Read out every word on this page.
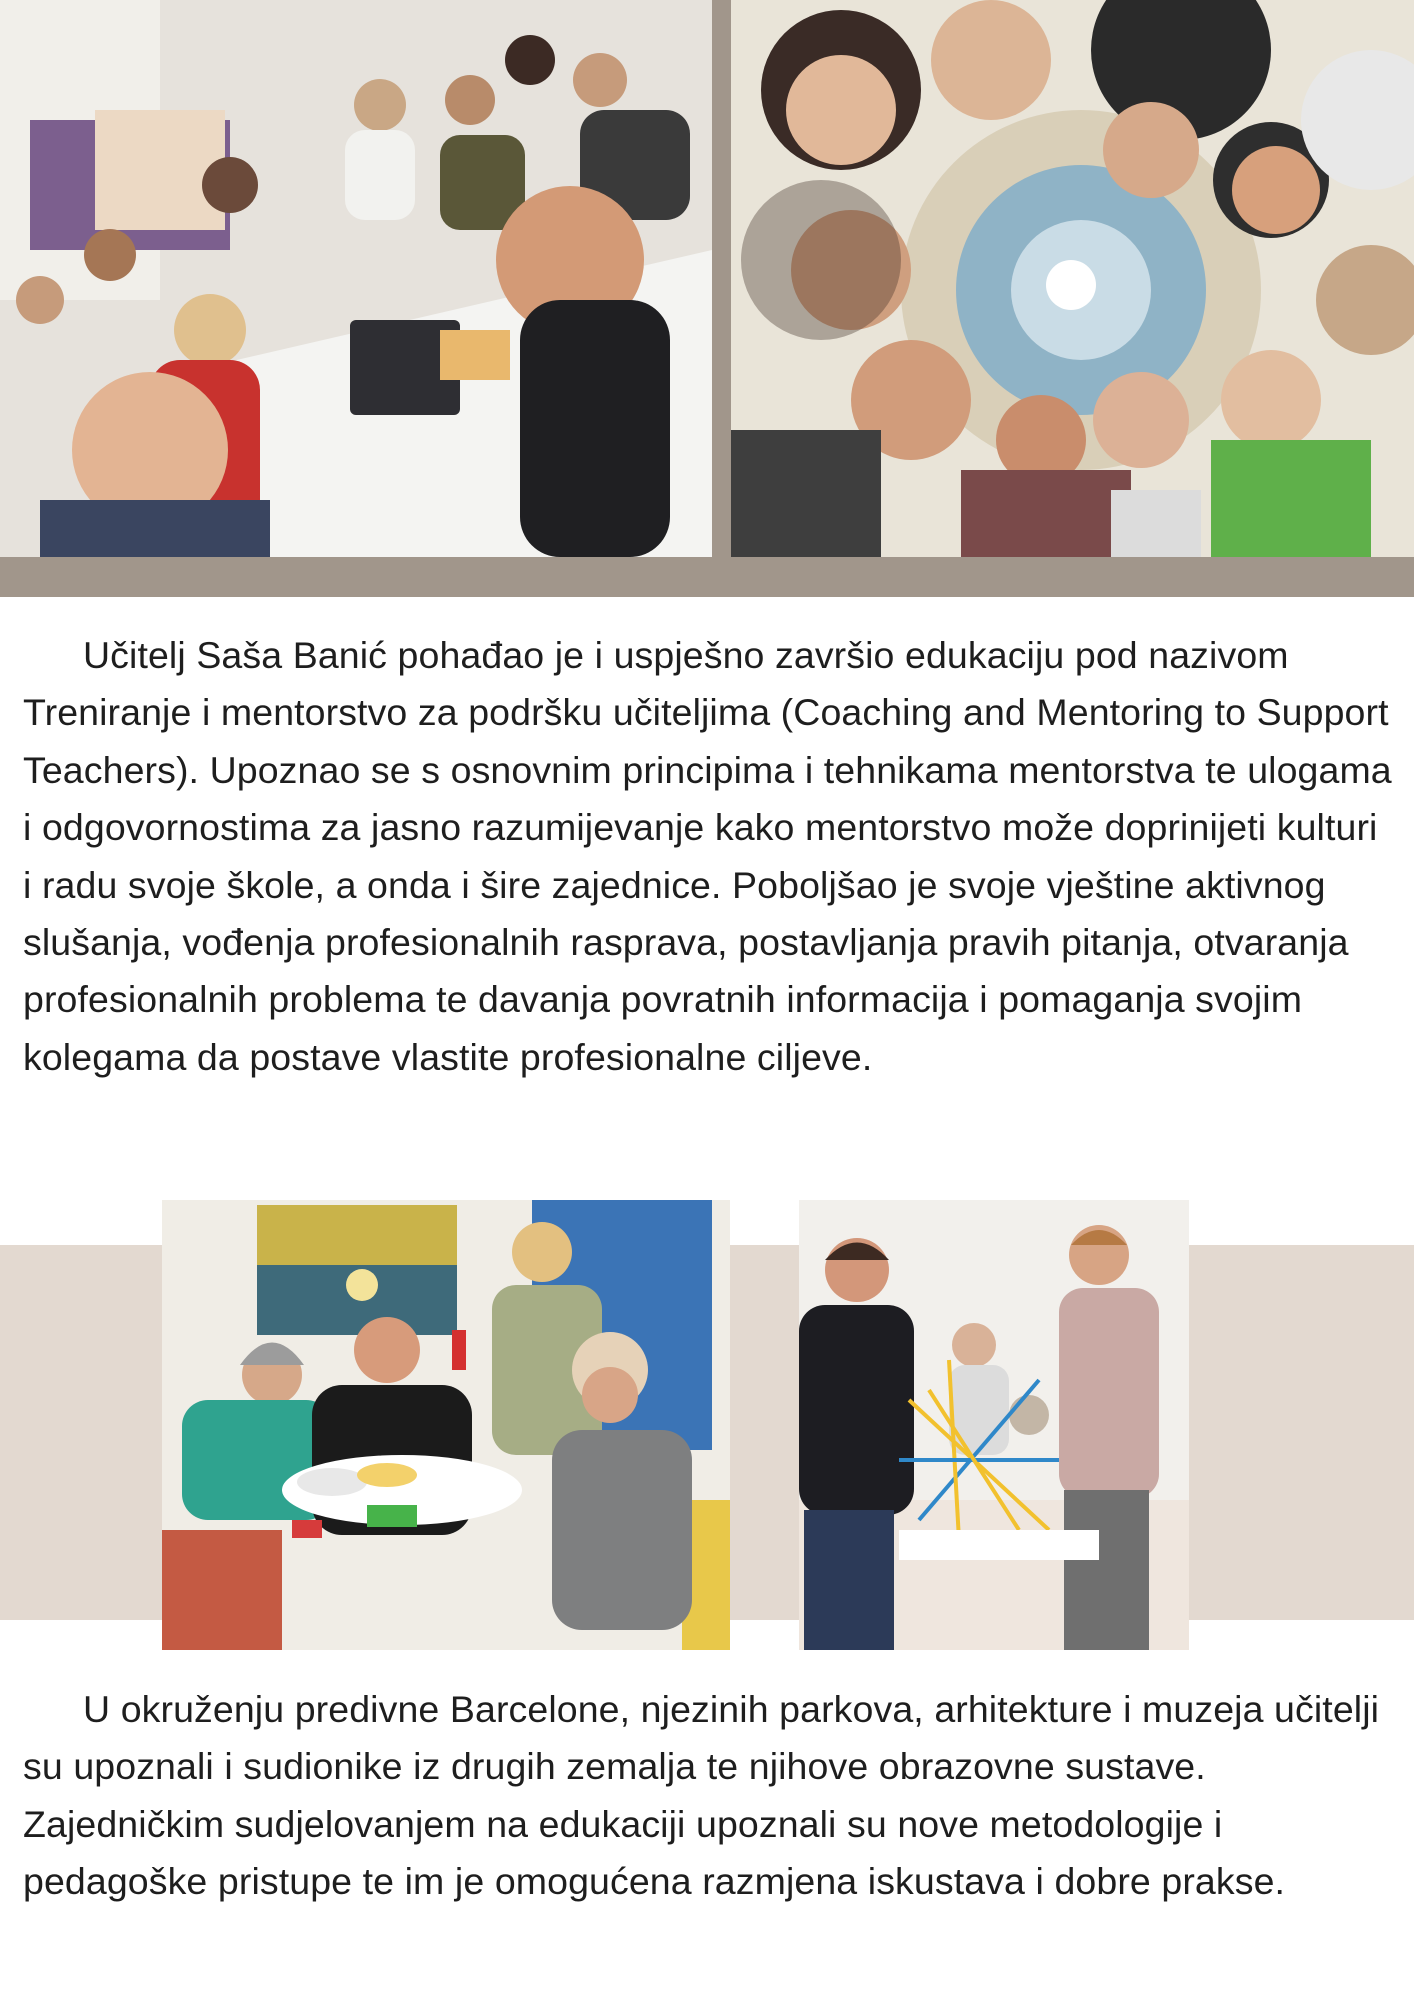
Učitelj Saša Banić pohađao je i uspješno završio edukaciju pod nazivom Treniranje i mentorstvo za podršku učiteljima (Coaching and Mentoring to Support Teachers). Upoznao se s osnovnim principima i tehnikama mentorstva te ulogama i odgovornostima za jasno razumijevanje kako mentorstvo može doprinijeti kulturi i radu svoje škole, a onda i šire zajednice. Poboljšao je svoje vještine aktivnog slušanja, vođenja profesionalnih rasprava, postavljanja pravih pitanja, otvaranja profesionalnih problema te davanja povratnih informacija i pomaganja svojim kolegama da postave vlastite profesionalne ciljeve.

U okruženju predivne Barcelone, njezinih parkova, arhitekture i muzeja učitelji su upoznali i sudionike iz drugih zemalja te njihove obrazovne sustave. Zajedničkim sudjelovanjem na edukaciji upoznali su nove metodologije i pedagoške pristupe te im je omogućena razmjena iskustava i dobre prakse.
